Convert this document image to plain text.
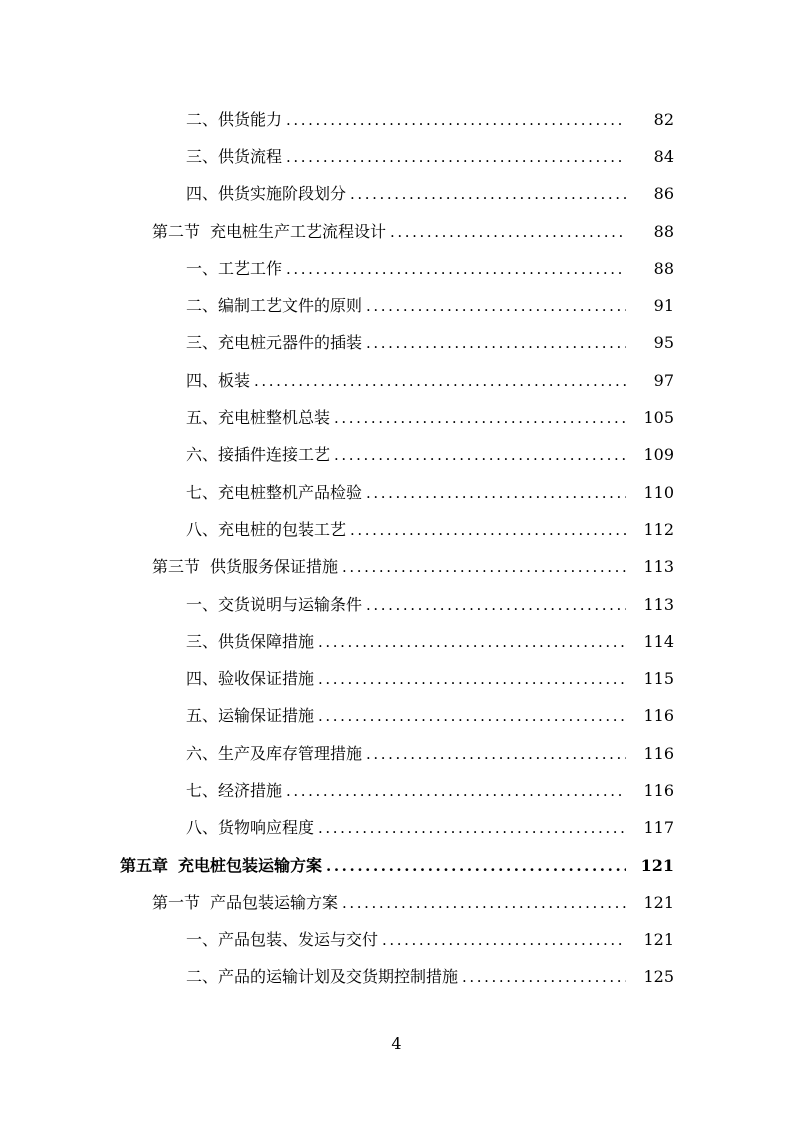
二、供货能力 .....	82
三、供货流程 .....	84
四、供货实施阶段划分 .....	86
第二节 充电桩生产工艺流程设计 .....	88
一、工艺工作 .....	88
二、编制工艺文件的原则 .....	91
三、充电桩元器件的插装 .....	95
四、板装 .....	97
五、充电桩整机总装 .....	105
六、接插件连接工艺 .....	109
七、充电桩整机产品检验 .....	110
八、充电桩的包装工艺 .....	112
第三节 供货服务保证措施 .....	113
一、交货说明与运输条件 .....	113
三、供货保障措施 .....	114
四、验收保证措施 .....	115
五、运输保证措施 .....	116
六、生产及库存管理措施 .....	116
七、经济措施 .....	116
八、货物响应程度 .....	117
第五章 充电桩包装运输方案 .....	121
第一节 产品包装运输方案 .....	121
一、产品包装、发运与交付 .....	121
二、产品的运输计划及交货期控制措施 .....	125
4
